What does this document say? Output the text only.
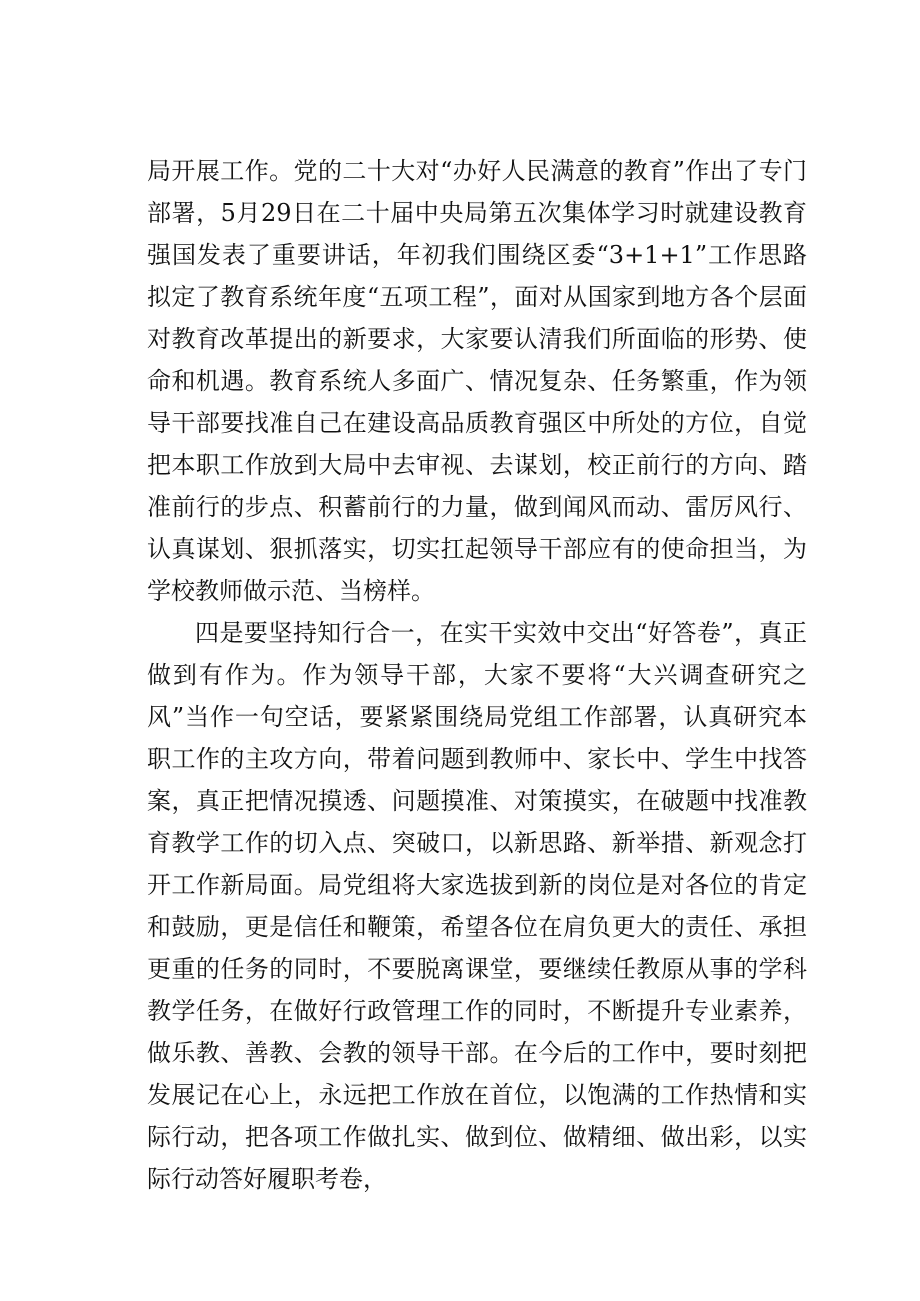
局开展工作。党的二十大对“办好人民满意的教育”作出了专门部署，5月29日在二十届中央局第五次集体学习时就建设教育强国发表了重要讲话，年初我们围绕区委“3+1+1”工作思路拟定了教育系统年度“五项工程”，面对从国家到地方各个层面对教育改革提出的新要求，大家要认清我们所面临的形势、使命和机遇。教育系统人多面广、情况复杂、任务繁重，作为领导干部要找准自己在建设高品质教育强区中所处的方位，自觉把本职工作放到大局中去审视、去谋划，校正前行的方向、踏准前行的步点、积蓄前行的力量，做到闻风而动、雷厉风行、认真谋划、狠抓落实，切实扛起领导干部应有的使命担当，为学校教师做示范、当榜样。

四是要坚持知行合一，在实干实效中交出“好答卷”，真正做到有作为。作为领导干部，大家不要将“大兴调查研究之风”当作一句空话，要紧紧围绕局党组工作部署，认真研究本职工作的主攻方向，带着问题到教师中、家长中、学生中找答案，真正把情况摸透、问题摸准、对策摸实，在破题中找准教育教学工作的切入点、突破口，以新思路、新举措、新观念打开工作新局面。局党组将大家选拔到新的岗位是对各位的肯定和鼓励，更是信任和鞭策，希望各位在肩负更大的责任、承担更重的任务的同时，不要脱离课堂，要继续任教原从事的学科教学任务，在做好行政管理工作的同时，不断提升专业素养，做乐教、善教、会教的领导干部。在今后的工作中，要时刻把发展记在心上，永远把工作放在首位，以饱满的工作热情和实际行动，把各项工作做扎实、做到位、做精细、做出彩，以实际行动答好履职考卷，
